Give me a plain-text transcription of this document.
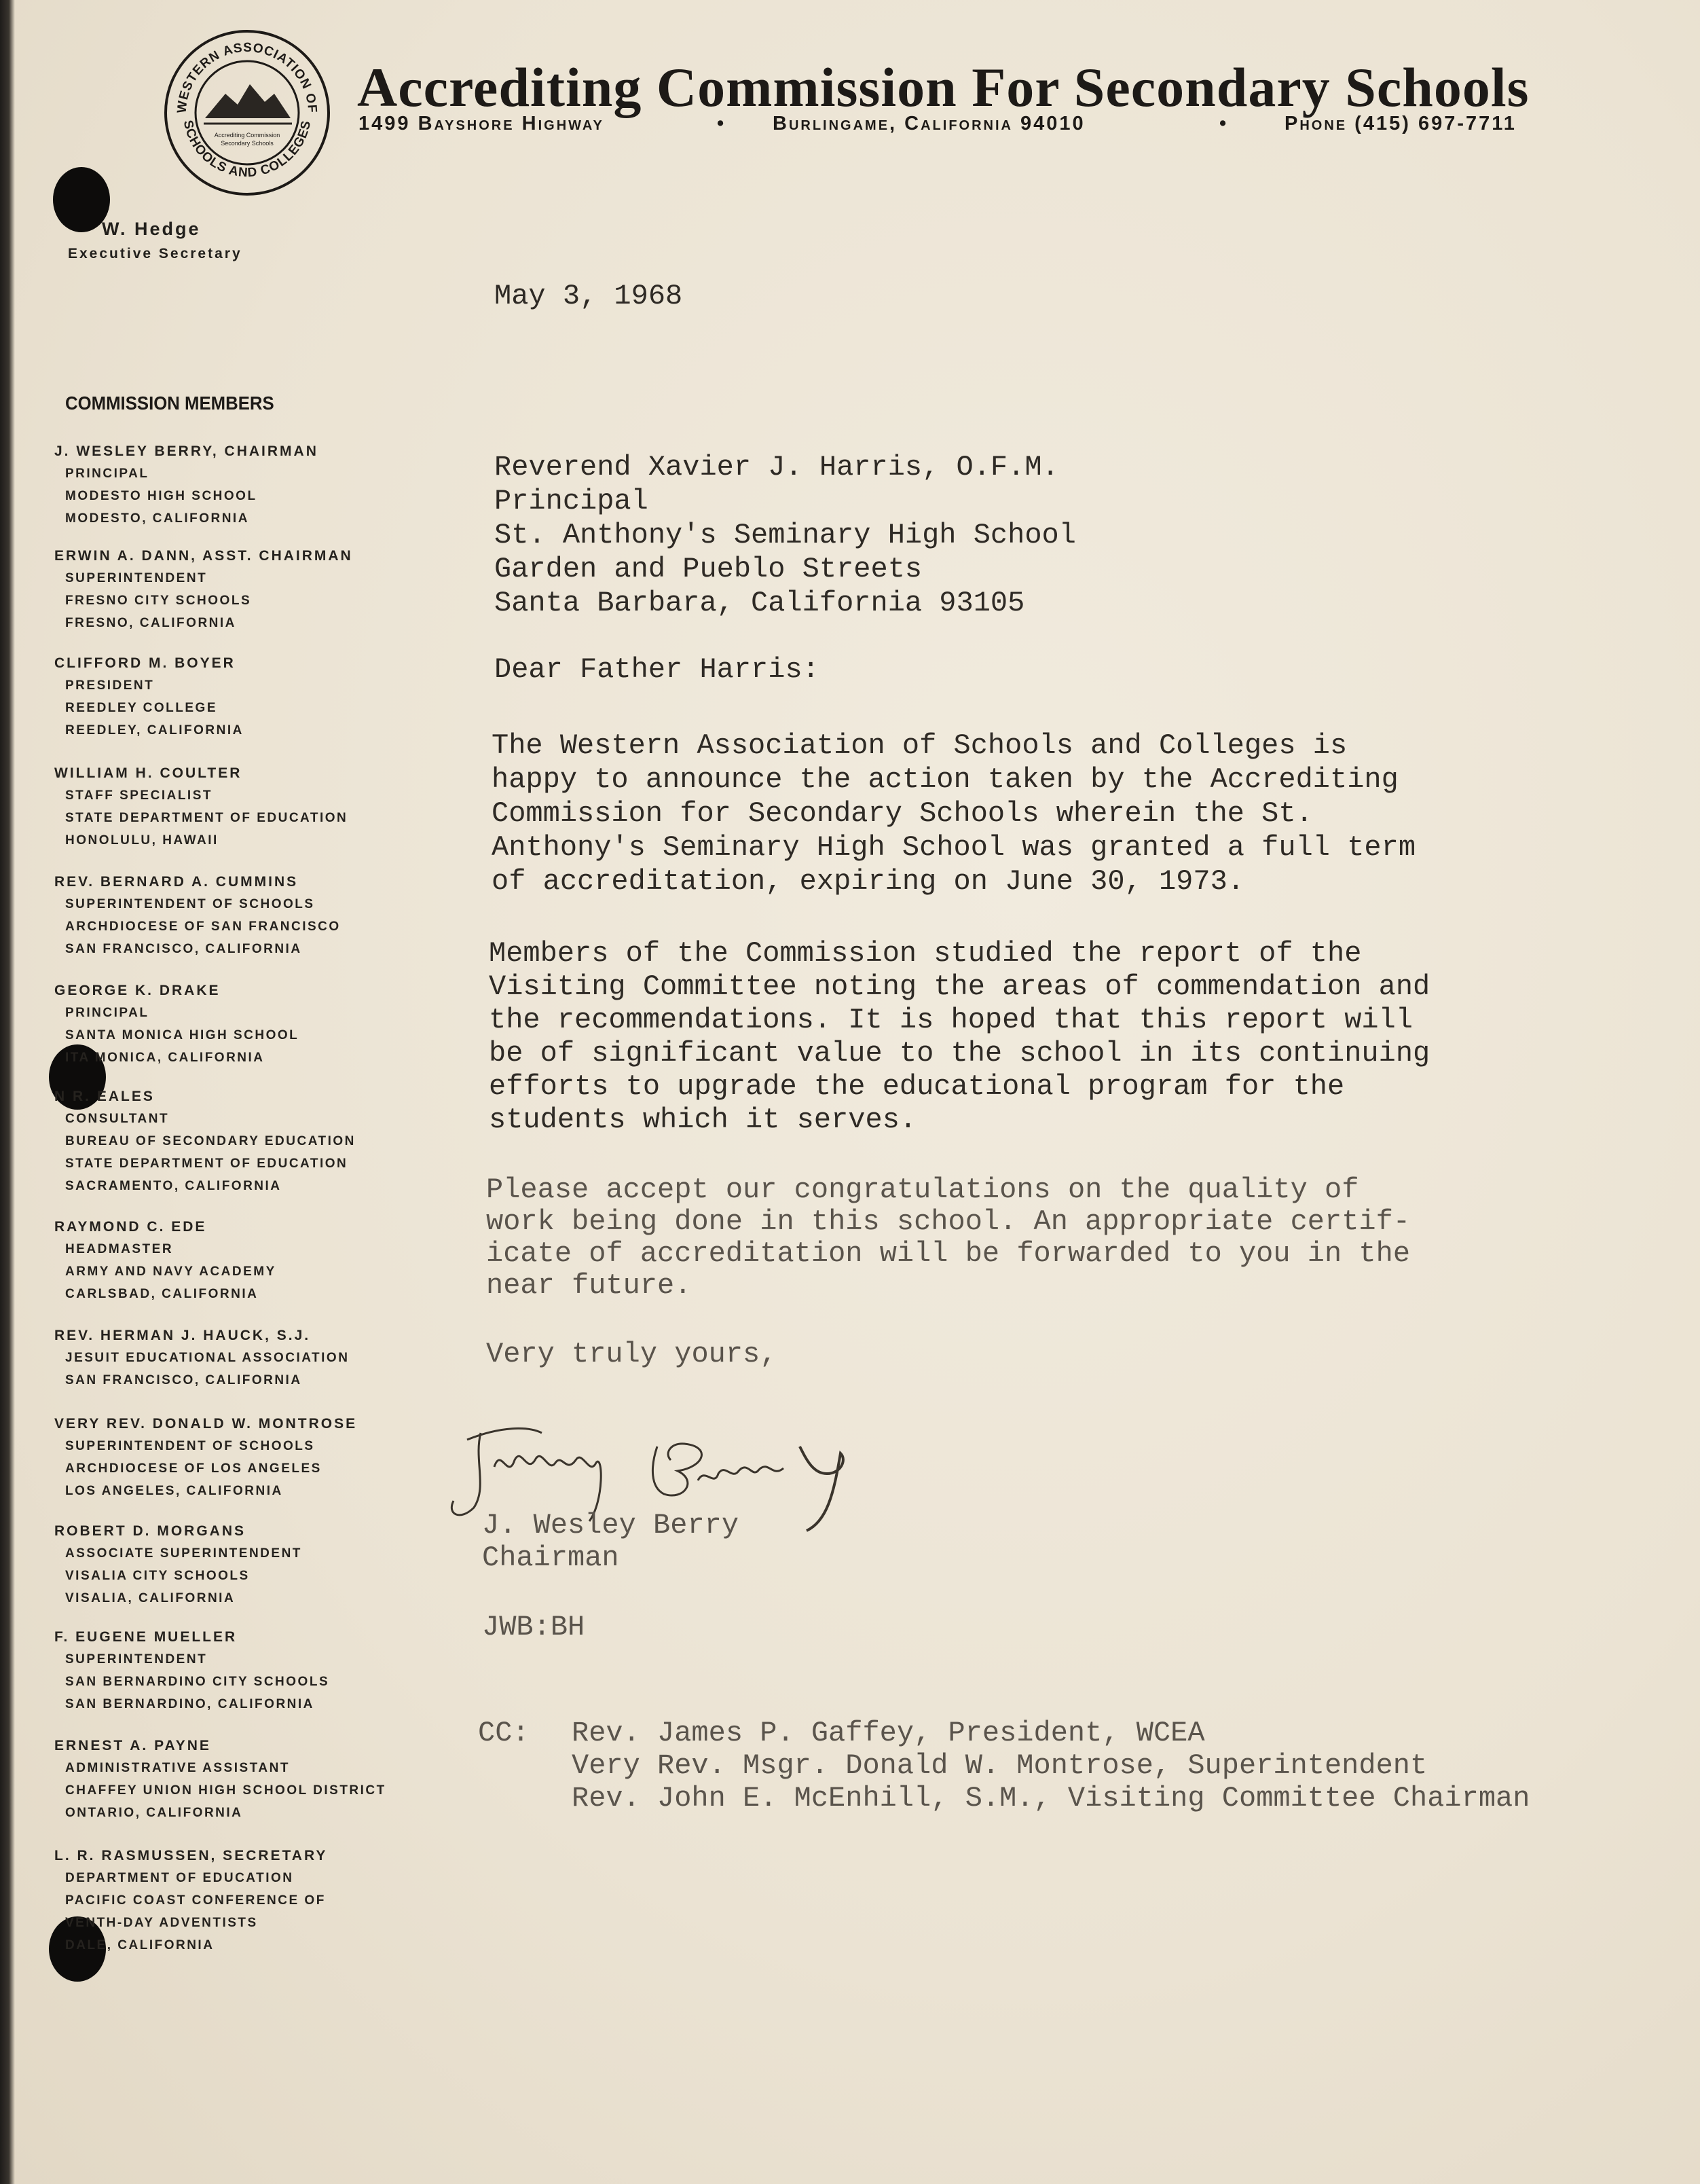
WESTERN ASSOCIATION OF
SCHOOLS AND COLLEGES
Accrediting Commission
Secondary Schools
Accrediting Commission For Secondary Schools
1499 Bayshore Highway	• Burlingame, California 94010	•	Phone (415) 697-7711
W. Hedge
Executive Secretary
COMMISSION MEMBERS
J. WESLEY BERRY, CHAIRMAN
PRINCIPAL
MODESTO HIGH SCHOOL
MODESTO, CALIFORNIA
ERWIN A. DANN, ASST. CHAIRMAN
SUPERINTENDENT
FRESNO CITY SCHOOLS
FRESNO, CALIFORNIA
CLIFFORD M. BOYER
PRESIDENT
REEDLEY COLLEGE
REEDLEY, CALIFORNIA
WILLIAM H. COULTER
STAFF SPECIALIST
STATE DEPARTMENT OF EDUCATION
HONOLULU, HAWAII
REV. BERNARD A. CUMMINS
SUPERINTENDENT OF SCHOOLS
ARCHDIOCESE OF SAN FRANCISCO
SAN FRANCISCO, CALIFORNIA
GEORGE K. DRAKE
PRINCIPAL
SANTA MONICA HIGH SCHOOL
ITA MONICA, CALIFORNIA
N R. EALES
CONSULTANT
BUREAU OF SECONDARY EDUCATION
STATE DEPARTMENT OF EDUCATION
SACRAMENTO, CALIFORNIA
RAYMOND C. EDE
HEADMASTER
ARMY AND NAVY ACADEMY
CARLSBAD, CALIFORNIA
REV. HERMAN J. HAUCK, S.J.
JESUIT EDUCATIONAL ASSOCIATION
SAN FRANCISCO, CALIFORNIA
VERY REV. DONALD W. MONTROSE
SUPERINTENDENT OF SCHOOLS
ARCHDIOCESE OF LOS ANGELES
LOS ANGELES, CALIFORNIA
ROBERT D. MORGANS
ASSOCIATE SUPERINTENDENT
VISALIA CITY SCHOOLS
VISALIA, CALIFORNIA
F. EUGENE MUELLER
SUPERINTENDENT
SAN BERNARDINO CITY SCHOOLS
SAN BERNARDINO, CALIFORNIA
ERNEST A. PAYNE
ADMINISTRATIVE ASSISTANT
CHAFFEY UNION HIGH SCHOOL DISTRICT
ONTARIO, CALIFORNIA
L. R. RASMUSSEN, SECRETARY
DEPARTMENT OF EDUCATION
PACIFIC COAST CONFERENCE OF
VENTH-DAY ADVENTISTS
DALE, CALIFORNIA
May 3, 1968
Reverend Xavier J. Harris, O.F.M.
Principal
St. Anthony's Seminary High School
Garden and Pueblo Streets
Santa Barbara, California 93105
Dear Father Harris:
The Western Association of Schools and Colleges is
happy to announce the action taken by the Accrediting
Commission for Secondary Schools wherein the St.
Anthony's Seminary High School was granted a full term
of accreditation, expiring on June 30, 1973.
Members of the Commission studied the report of the
Visiting Committee noting the areas of commendation and
the recommendations. It is hoped that this report will
be of significant value to the school in its continuing
efforts to upgrade the educational program for the
students which it serves.
Please accept our congratulations on the quality of
work being done in this school. An appropriate certif-
icate of accreditation will be forwarded to you in the
near future.
Very truly yours,
J. Wesley Berry
Chairman
JWB:BH
CC: Rev. James P. Gaffey, President, WCEA
Very Rev. Msgr. Donald W. Montrose, Superintendent
Rev. John E. McEnhill, S.M., Visiting Committee Chairman
